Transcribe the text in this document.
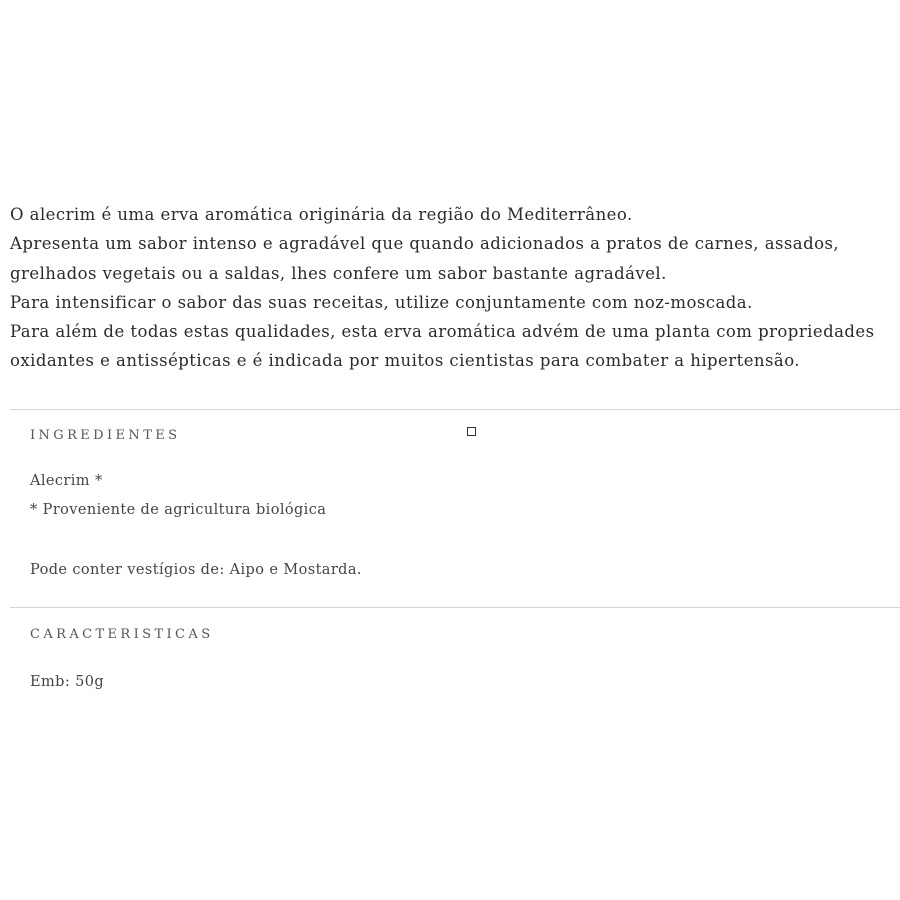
O alecrim é uma erva aromática originária da região do Mediterrâneo.

Apresenta um sabor intenso e agradável que quando adicionados a pratos de carnes, assados,

grelhados vegetais ou a saldas, lhes confere um sabor bastante agradável.

Para intensificar o sabor das suas receitas, utilize conjuntamente com noz-moscada.

Para além de todas estas qualidades, esta erva aromática advém de uma planta com propriedades

oxidantes e antissépticas e é indicada por muitos cientistas para combater a hipertensão.

INGREDIENTES

Alecrim *

* Proveniente de agricultura biológica

Pode conter vestígios de: Aipo e Mostarda.

CARACTERISTICAS

Emb: 50g
